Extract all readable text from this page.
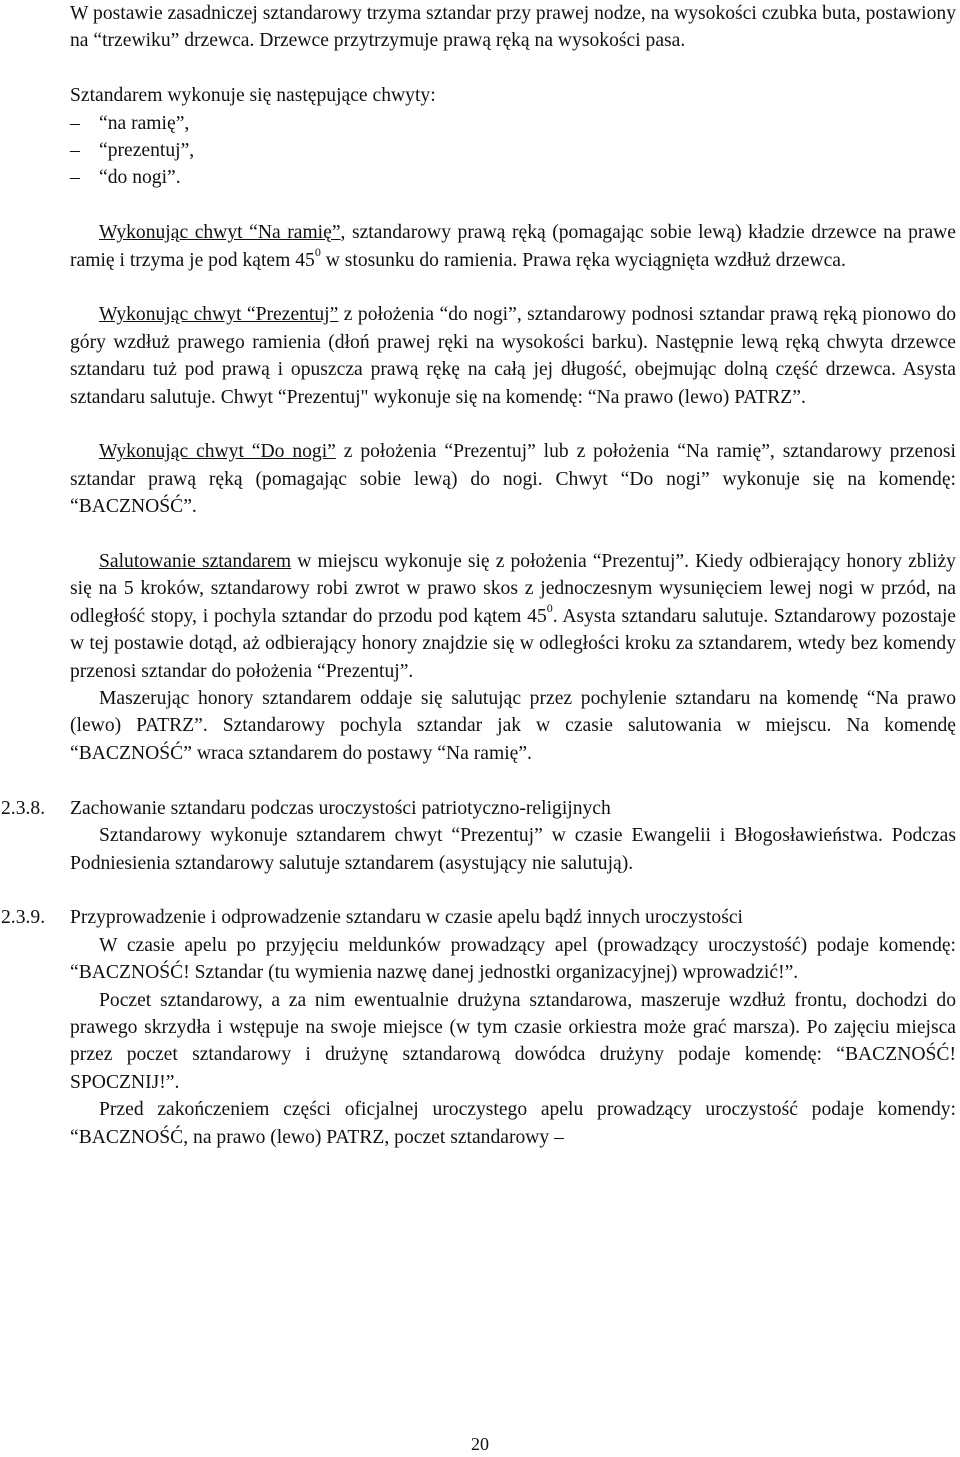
W postawie zasadniczej sztandarowy trzyma sztandar przy prawej nodze, na wysokości czubka buta, postawiony na “trzewiku” drzewca. Drzewce przytrzymuje prawą ręką na wysokości pasa.

Sztandarem wykonuje się następujące chwyty:

– “na ramię”,

– “prezentuj”,

– “do nogi”.

Wykonując chwyt “Na ramię”, sztandarowy prawą ręką (pomagając sobie lewą) kładzie drzewce na prawe ramię i trzyma je pod kątem $45^0$ w stosunku do ramienia. Prawa ręka wyciągnięta wzdłuż drzewca.

Wykonując chwyt “Prezentuj” z położenia “do nogi”, sztandarowy podnosi sztandar prawą ręką pionowo do góry wzdłuż prawego ramienia (dłoń prawej ręki na wysokości barku). Następnie lewą ręką chwyta drzewce sztandaru tuż pod prawą i opuszcza prawą rękę na całą jej długość, obejmując dolną część drzewca. Asysta sztandaru salutuje. Chwyt “Prezentuj" wykonuje się na komendę: “Na prawo (lewo) PATRZ”.

Wykonując chwyt “Do nogi” z położenia “Prezentuj” lub z położenia “Na ramię”, sztandarowy przenosi sztandar prawą ręką (pomagając sobie lewą) do nogi. Chwyt “Do nogi” wykonuje się na komendę: “BACZNOŚĆ”.

Salutowanie sztandarem w miejscu wykonuje się z położenia “Prezentuj”. Kiedy odbierający honory zbliży się na 5 kroków, sztandarowy robi zwrot w prawo skos z jednoczesnym wysunięciem lewej nogi w przód, na odległość stopy, i pochyla sztandar do przodu pod kątem $45^0$. Asysta sztandaru salutuje. Sztandarowy pozostaje w tej postawie dotąd, aż odbierający honory znajdzie się w odległości kroku za sztandarem, wtedy bez komendy przenosi sztandar do położenia “Prezentuj”.

Maszerując honory sztandarem oddaje się salutując przez pochylenie sztandaru na komendę “Na prawo (lewo) PATRZ”. Sztandarowy pochyla sztandar jak w czasie salutowania w miejscu. Na komendę “BACZNOŚĆ” wraca sztandarem do postawy “Na ramię”.

2.3.8. Zachowanie sztandaru podczas uroczystości patriotyczno-religijnych

Sztandarowy wykonuje sztandarem chwyt “Prezentuj” w czasie Ewangelii i Błogosławieństwa. Podczas Podniesienia sztandarowy salutuje sztandarem (asystujący nie salutują).

2.3.9. Przyprowadzenie i odprowadzenie sztandaru w czasie apelu bądź innych uroczystości

W czasie apelu po przyjęciu meldunków prowadzący apel (prowadzący uroczystość) podaje komendę: “BACZNOŚĆ! Sztandar (tu wymienia nazwę danej jednostki organizacyjnej) wprowadzić!”.

Poczet sztandarowy, a za nim ewentualnie drużyna sztandarowa, maszeruje wzdłuż frontu, dochodzi do prawego skrzydła i wstępuje na swoje miejsce (w tym czasie orkiestra może grać marsza). Po zajęciu miejsca przez poczet sztandarowy i drużynę sztandarową dowódca drużyny podaje komendę: “BACZNOŚĆ! SPOCZNIJ!”.

Przed zakończeniem części oficjalnej uroczystego apelu prowadzący uroczystość podaje komendy: “BACZNOŚĆ, na prawo (lewo) PATRZ, poczet sztandarowy –

20
